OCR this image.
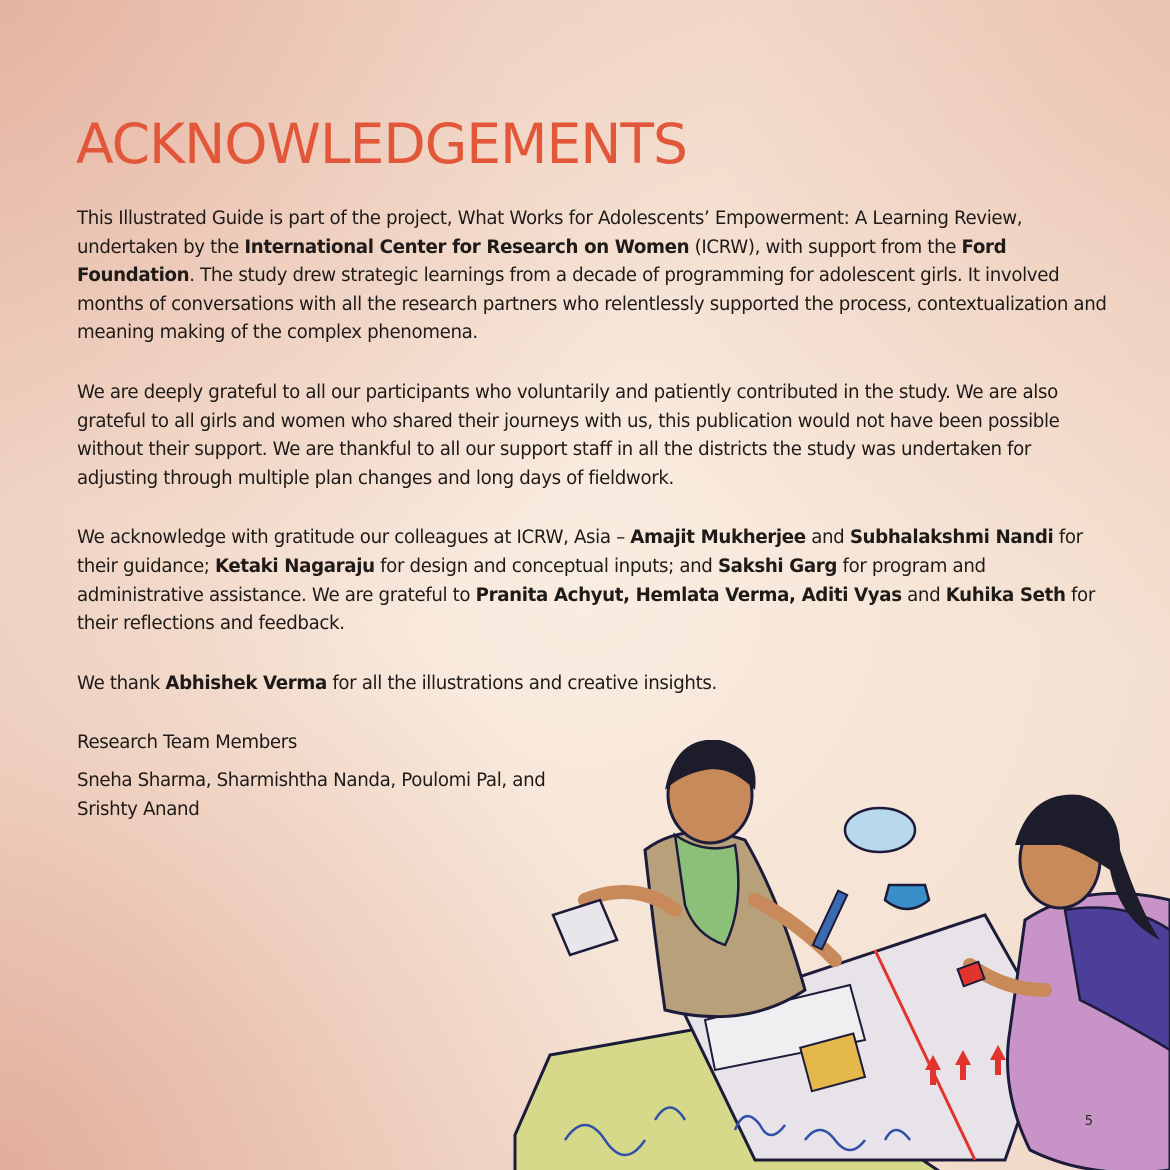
ACKNOWLEDGEMENTS

This Illustrated Guide is part of the project, What Works for Adolescents’ Empowerment: A Learning Review, undertaken by the International Center for Research on Women (ICRW), with support from the Ford Foundation. The study drew strategic learnings from a decade of programming for adolescent girls. It involved months of conversations with all the research partners who relentlessly supported the process, contextualization and meaning making of the complex phenomena.

We are deeply grateful to all our participants who voluntarily and patiently contributed in the study. We are also grateful to all girls and women who shared their journeys with us, this publication would not have been possible without their support. We are thankful to all our support staff in all the districts the study was undertaken for adjusting through multiple plan changes and long days of fieldwork.

We acknowledge with gratitude our colleagues at ICRW, Asia – Amajit Mukherjee and Subhalakshmi Nandi for their guidance; Ketaki Nagaraju for design and conceptual inputs; and Sakshi Garg for program and administrative assistance. We are grateful to Pranita Achyut, Hemlata Verma, Aditi Vyas and Kuhika Seth for their reflections and feedback.

We thank Abhishek Verma for all the illustrations and creative insights.

Research Team Members

Sneha Sharma, Sharmishtha Nanda, Poulomi Pal, and Srishty Anand

5
